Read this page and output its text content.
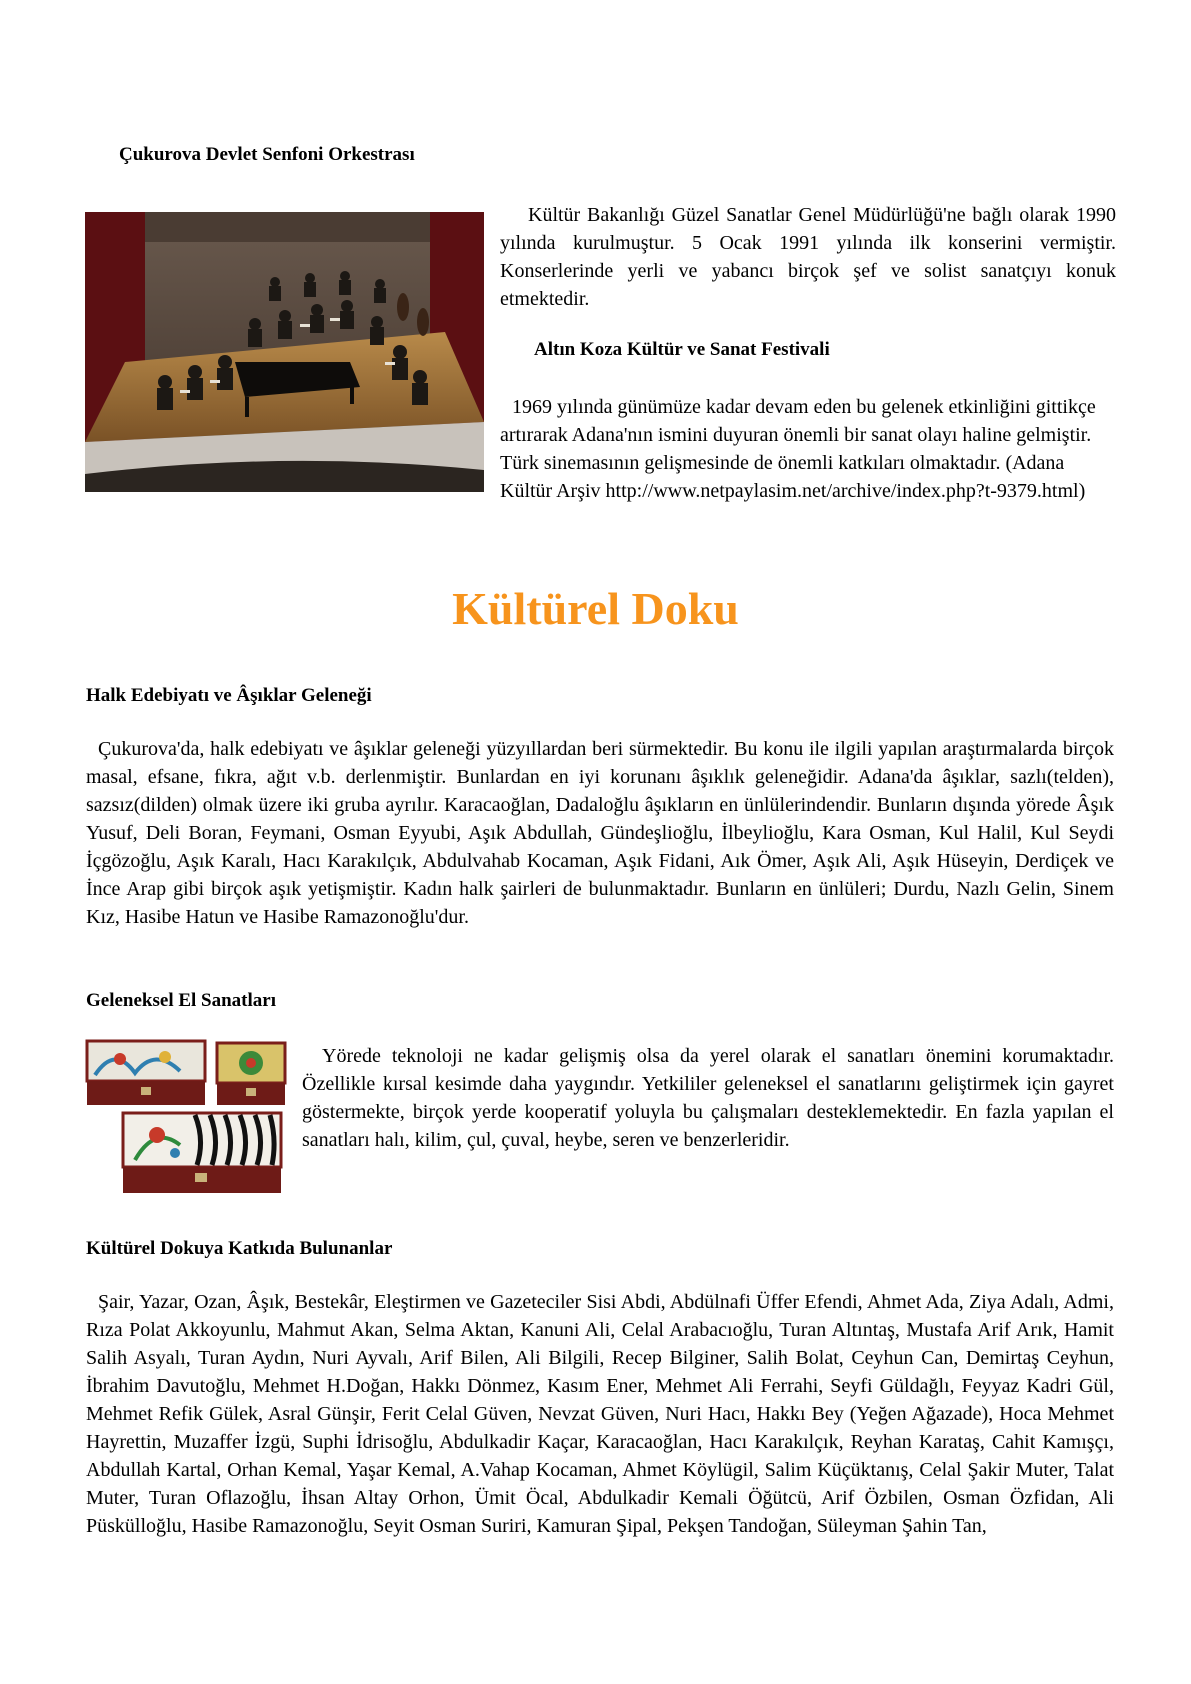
Çukurova Devlet Senfoni Orkestrası
Kültür Bakanlığı Güzel Sanatlar Genel Müdürlüğü'ne bağlı olarak 1990 yılında kurulmuştur. 5 Ocak 1991 yılında ilk konserini vermiştir. Konserlerinde yerli ve yabancı birçok şef ve solist sanatçıyı konuk etmektedir.
Altın Koza Kültür ve Sanat Festivali
1969 yılında günümüze kadar devam eden bu gelenek etkinliğini gittikçe artırarak Adana'nın ismini duyuran önemli bir sanat olayı haline gelmiştir. Türk sinemasının gelişmesinde de önemli katkıları olmaktadır. (Adana Kültür Arşiv http://www.netpaylasim.net/archive/index.php?t-9379.html)
Kültürel Doku
Halk Edebiyatı ve Âşıklar Geleneği
Çukurova'da, halk edebiyatı ve âşıklar geleneği yüzyıllardan beri sürmektedir. Bu konu ile ilgili yapılan araştırmalarda birçok masal, efsane, fıkra, ağıt v.b. derlenmiştir. Bunlardan en iyi korunanı âşıklık geleneğidir. Adana'da âşıklar, sazlı(telden), sazsız(dilden) olmak üzere iki gruba ayrılır. Karacaoğlan, Dadaloğlu âşıkların en ünlülerindendir. Bunların dışında yörede Âşık Yusuf, Deli Boran, Feymani, Osman Eyyubi, Aşık Abdullah, Gündeşlioğlu, İlbeylioğlu, Kara Osman, Kul Halil, Kul Seydi İçgözoğlu, Aşık Karalı, Hacı Karakılçık, Abdulvahab Kocaman, Aşık Fidani, Aık Ömer, Aşık Ali, Aşık Hüseyin, Derdiçek ve İnce Arap gibi birçok aşık yetişmiştir. Kadın halk şairleri de bulunmaktadır. Bunların en ünlüleri; Durdu, Nazlı Gelin, Sinem Kız, Hasibe Hatun ve Hasibe Ramazonoğlu'dur.
Geleneksel El Sanatları
Yörede teknoloji ne kadar gelişmiş olsa da yerel olarak el sanatları önemini korumaktadır. Özellikle kırsal kesimde daha yaygındır. Yetkililer geleneksel el sanatlarını geliştirmek için gayret göstermekte, birçok yerde kooperatif yoluyla bu çalışmaları desteklemektedir. En fazla yapılan el sanatları halı, kilim, çul, çuval, heybe, seren ve benzerleridir.
Kültürel Dokuya Katkıda Bulunanlar
Şair, Yazar, Ozan, Âşık, Bestekâr, Eleştirmen ve Gazeteciler Sisi Abdi, Abdülnafi Üffer Efendi, Ahmet Ada, Ziya Adalı, Admi, Rıza Polat Akkoyunlu, Mahmut Akan, Selma Aktan, Kanuni Ali, Celal Arabacıoğlu, Turan Altıntaş, Mustafa Arif Arık, Hamit Salih Asyalı, Turan Aydın, Nuri Ayvalı, Arif Bilen, Ali Bilgili, Recep Bilginer, Salih Bolat, Ceyhun Can, Demirtaş Ceyhun, İbrahim Davutoğlu, Mehmet H.Doğan, Hakkı Dönmez, Kasım Ener, Mehmet Ali Ferrahi, Seyfi Güldağlı, Feyyaz Kadri Gül, Mehmet Refik Gülek, Asral Günşir, Ferit Celal Güven, Nevzat Güven, Nuri Hacı, Hakkı Bey (Yeğen Ağazade), Hoca Mehmet Hayrettin, Muzaffer İzgü, Suphi İdrisoğlu, Abdulkadir Kaçar, Karacaoğlan, Hacı Karakılçık, Reyhan Karataş, Cahit Kamışçı, Abdullah Kartal, Orhan Kemal, Yaşar Kemal, A.Vahap Kocaman, Ahmet Köylügil, Salim Küçüktanış, Celal Şakir Muter, Talat Muter, Turan Oflazoğlu, İhsan Altay Orhon, Ümit Öcal, Abdulkadir Kemali Öğütcü, Arif Özbilen, Osman Özfidan, Ali Püskülloğlu, Hasibe Ramazonoğlu, Seyit Osman Suriri, Kamuran Şipal, Pekşen Tandoğan, Süleyman Şahin Tan,
